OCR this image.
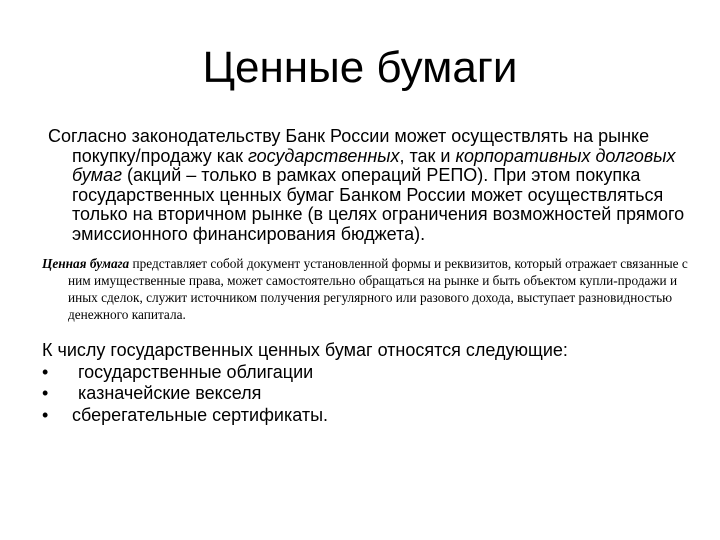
Ценные бумаги
Согласно законодательству Банк России может осуществлять на рынке покупку/продажу как государственных, так и корпоративных долговых бумаг (акций – только в рамках операций РЕПО). При этом покупка государственных ценных бумаг Банком России может осуществляться только на вторичном рынке (в целях ограничения возможностей прямого эмиссионного финансирования бюджета).
Ценная бумага представляет собой документ установленной формы и реквизитов, который отражает связанные с ним имущественные права, может самостоятельно обращаться на рынке и быть объектом купли-продажи и иных сделок, служит источником получения регулярного или разового дохода, выступает разновидностью денежного капитала.
К числу государственных ценных бумаг относятся следующие:
• государственные облигации
• казначейские векселя
• сберегательные сертификаты.
